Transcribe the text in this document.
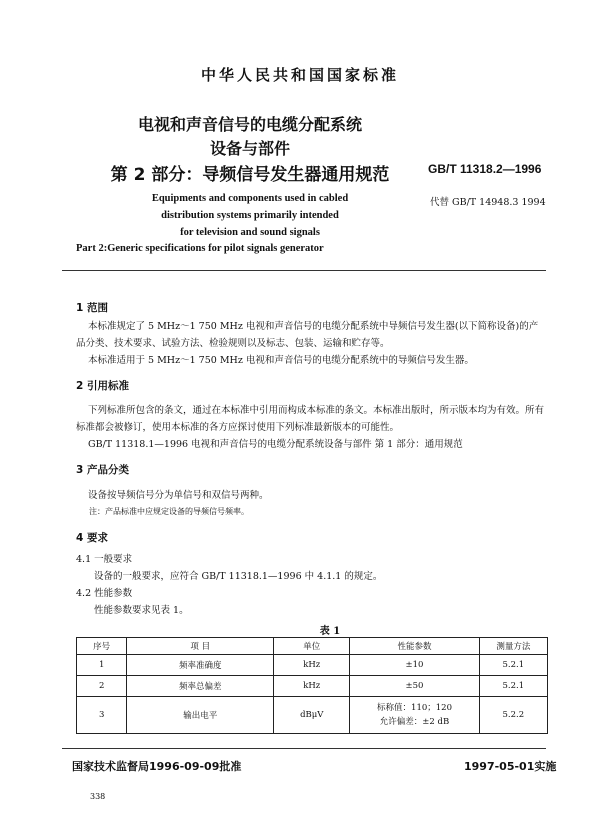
中华人民共和国国家标准
电视和声音信号的电缆分配系统
设备与部件
第 2 部分：导频信号发生器通用规范	GB/T 11318.2—1996
代替 GB/T 14948.3 1994
Equipments and components used in cabled
distribution systems primarily intended
for television and sound signals
Part 2:Generic specifications for pilot signals generator
1 范围
本标准规定了 5 MHz～1 750 MHz 电视和声音信号的电缆分配系统中导频信号发生器(以下简称设备)的产品分类、技术要求、试验方法、检验规则以及标志、包装、运输和贮存等。
本标准适用于 5 MHz～1 750 MHz 电视和声音信号的电缆分配系统中的导频信号发生器。
2 引用标准
下列标准所包含的条文，通过在本标准中引用而构成本标准的条文。本标准出版时，所示版本均为有效。所有标准都会被修订，使用本标准的各方应探讨使用下列标准最新版本的可能性。
GB/T 11318.1—1996 电视和声音信号的电缆分配系统设备与部件 第 1 部分：通用规范
3 产品分类
设备按导频信号分为单信号和双信号两种。
注：产品标准中应规定设备的导频信号频率。
4 要求
4.1 一般要求
设备的一般要求，应符合 GB/T 11318.1—1996 中 4.1.1 的规定。
4.2 性能参数
性能参数要求见表 1。
表 1
序号	项 目	单位	性能参数	测量方法
1	频率准确度	kHz	±10	5.2.1
2	频率总偏差	kHz	±50	5.2.1
3	输出电平	dBμV	标称值：110；120
允许偏差：±2 dB	5.2.2
国家技术监督局1996-09-09批准	1997-05-01实施
338
